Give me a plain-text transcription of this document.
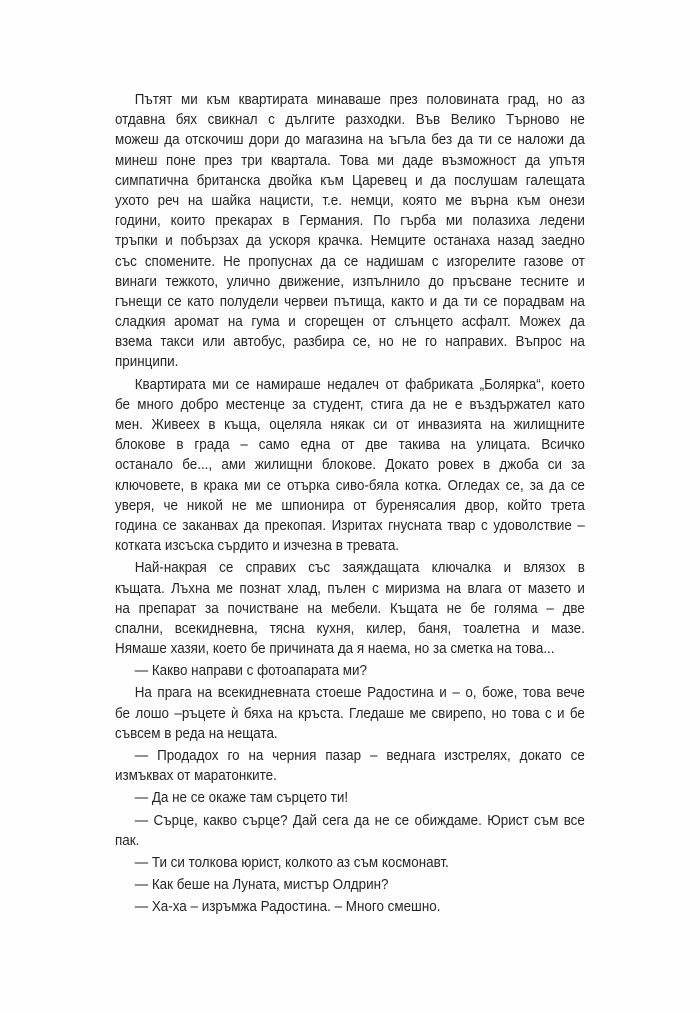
Пътят ми към квартирата минаваше през половината град, но аз
отдавна бях свикнал с дългите разходки. Във Велико Търново не
можеш да отскочиш дори до магазина на ъгъла без да ти се наложи да
минеш поне през три квартала. Това ми даде възможност да упътя
симпатична британска двойка към Царевец и да послушам галещата
ухото реч на шайка нацисти, т.е. немци, която ме върна към онези
години, които прекарах в Германия. По гърба ми полазиха ледени
тръпки и побързах да ускоря крачка. Немците останаха назад заедно
със спомените. Не пропуснах да се надишам с изгорелите газове от
винаги тежкото, улично движение, изпълнило до пръсване тесните и
гънещи се като полудели червеи пътища, както и да ти се порадвам на
сладкия аромат на гума и сгорещен от слънцето асфалт. Можех да
взема такси или автобус, разбира се, но не го направих. Въпрос на
принципи.
Квартирата ми се намираше недалеч от фабриката „Болярка“, което
бе много добро местенце за студент, стига да не е въздържател като
мен. Живеех в къща, оцеляла някак си от инвазията на жилищните
блокове в града – само една от две такива на улицата. Всичко
останало бе..., ами жилищни блокове. Докато ровех в джоба си за
ключовете, в крака ми се отърка сиво-бяла котка. Огледах се, за да се
уверя, че никой не ме шпионира от буренясалия двор, който трета
година се заканвах да прекопая. Изритах гнусната твар с удоволствие –
котката изсъска сърдито и изчезна в тревата.
Най-накрая се справих със заяждащата ключалка и влязох в
къщата. Лъхна ме познат хлад, пълен с миризма на влага от мазето и
на препарат за почистване на мебели. Къщата не бе голяма – две
спални, всекидневна, тясна кухня, килер, баня, тоалетна и мазе.
Нямаше хазяи, което бе причината да я наема, но за сметка на това...
— Какво направи с фотоапарата ми?
На прага на всекидневната стоеше Радостина и – о, боже, това вече
бе лошо –ръцете ѝ бяха на кръста. Гледаше ме свирепо, но това с и бе
съвсем в реда на нещата.
— Продадох го на черния пазар – веднага изстрелях, докато се
измъквах от маратонките.
— Да не се окаже там сърцето ти!
— Сърце, какво сърце? Дай сега да не се обиждаме. Юрист съм все
пак.
— Ти си толкова юрист, колкото аз съм космонавт.
— Как беше на Луната, мистър Олдрин?
— Ха-ха – изръмжа Радостина. – Много смешно.
